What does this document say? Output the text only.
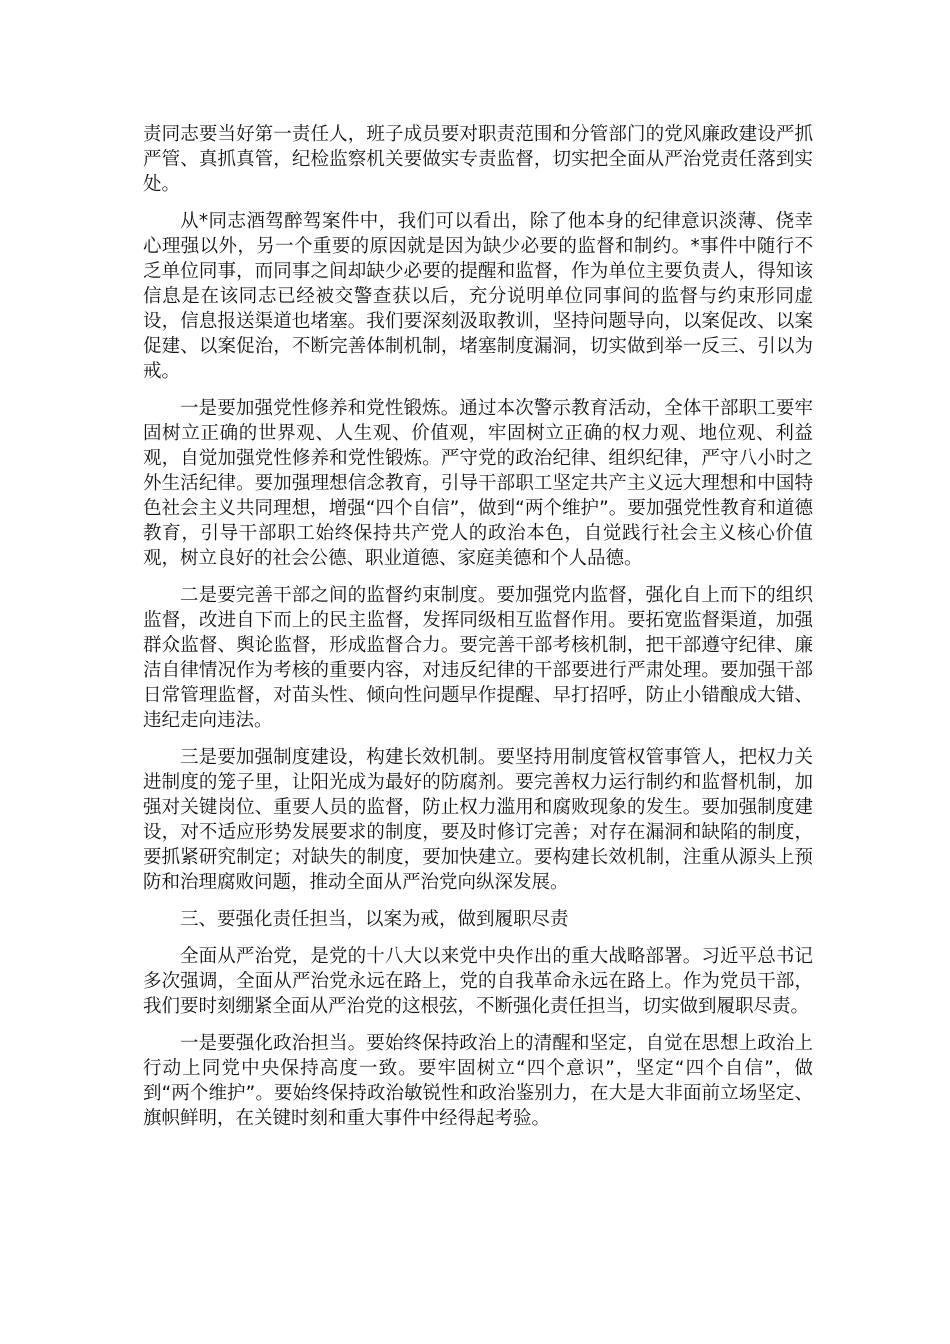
责同志要当好第一责任人，班子成员要对职责范围和分管部门的党风廉政建设严抓严管、真抓真管，纪检监察机关要做实专责监督，切实把全面从严治党责任落到实处。

从*同志酒驾醉驾案件中，我们可以看出，除了他本身的纪律意识淡薄、侥幸心理强以外，另一个重要的原因就是因为缺少必要的监督和制约。*事件中随行不乏单位同事，而同事之间却缺少必要的提醒和监督，作为单位主要负责人，得知该信息是在该同志已经被交警查获以后，充分说明单位同事间的监督与约束形同虚设，信息报送渠道也堵塞。我们要深刻汲取教训，坚持问题导向，以案促改、以案促建、以案促治，不断完善体制机制，堵塞制度漏洞，切实做到举一反三、引以为戒。

一是要加强党性修养和党性锻炼。通过本次警示教育活动，全体干部职工要牢固树立正确的世界观、人生观、价值观，牢固树立正确的权力观、地位观、利益观，自觉加强党性修养和党性锻炼。严守党的政治纪律、组织纪律，严守八小时之外生活纪律。要加强理想信念教育，引导干部职工坚定共产主义远大理想和中国特色社会主义共同理想，增强“四个自信”，做到“两个维护”。要加强党性教育和道德教育，引导干部职工始终保持共产党人的政治本色，自觉践行社会主义核心价值观，树立良好的社会公德、职业道德、家庭美德和个人品德。

二是要完善干部之间的监督约束制度。要加强党内监督，强化自上而下的组织监督，改进自下而上的民主监督，发挥同级相互监督作用。要拓宽监督渠道，加强群众监督、舆论监督，形成监督合力。要完善干部考核机制，把干部遵守纪律、廉洁自律情况作为考核的重要内容，对违反纪律的干部要进行严肃处理。要加强干部日常管理监督，对苗头性、倾向性问题早作提醒、早打招呼，防止小错酿成大错、违纪走向违法。

三是要加强制度建设，构建长效机制。要坚持用制度管权管事管人，把权力关进制度的笼子里，让阳光成为最好的防腐剂。要完善权力运行制约和监督机制，加强对关键岗位、重要人员的监督，防止权力滥用和腐败现象的发生。要加强制度建设，对不适应形势发展要求的制度，要及时修订完善；对存在漏洞和缺陷的制度，要抓紧研究制定；对缺失的制度，要加快建立。要构建长效机制，注重从源头上预防和治理腐败问题，推动全面从严治党向纵深发展。

三、要强化责任担当，以案为戒，做到履职尽责

全面从严治党，是党的十八大以来党中央作出的重大战略部署。习近平总书记多次强调，全面从严治党永远在路上，党的自我革命永远在路上。作为党员干部，我们要时刻绷紧全面从严治党的这根弦，不断强化责任担当，切实做到履职尽责。

一是要强化政治担当。要始终保持政治上的清醒和坚定，自觉在思想上政治上行动上同党中央保持高度一致。要牢固树立“四个意识”，坚定“四个自信”，做到“两个维护”。要始终保持政治敏锐性和政治鉴别力，在大是大非面前立场坚定、旗帜鲜明，在关键时刻和重大事件中经得起考验。
